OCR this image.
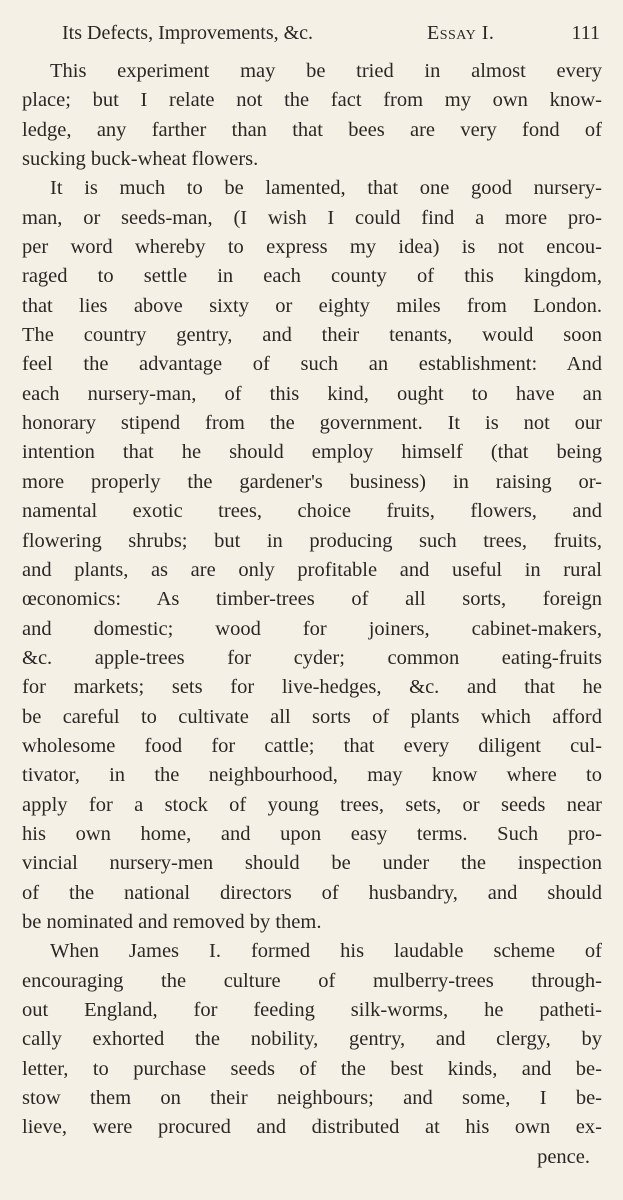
Its Defects, Improvements, &c.	Essay I.	111
This experiment may be tried in almost every
place; but I relate not the fact from my own know-
ledge, any farther than that bees are very fond of
sucking buck-wheat flowers.
It is much to be lamented, that one good nursery-
man, or seeds-man, (I wish I could find a more pro-
per word whereby to express my idea) is not encou-
raged to settle in each county of this kingdom,
that lies above sixty or eighty miles from London.
The country gentry, and their tenants, would soon
feel the advantage of such an establishment: And
each nursery-man, of this kind, ought to have an
honorary stipend from the government. It is not our
intention that he should employ himself (that being
more properly the gardener's business) in raising or-
namental exotic trees, choice fruits, flowers, and
flowering shrubs; but in producing such trees, fruits,
and plants, as are only profitable and useful in rural
œconomics: As timber-trees of all sorts, foreign
and domestic; wood for joiners, cabinet-makers,
&c. apple-trees for cyder; common eating-fruits
for markets; sets for live-hedges, &c. and that he
be careful to cultivate all sorts of plants which afford
wholesome food for cattle; that every diligent cul-
tivator, in the neighbourhood, may know where to
apply for a stock of young trees, sets, or seeds near
his own home, and upon easy terms. Such pro-
vincial nursery-men should be under the inspection
of the national directors of husbandry, and should
be nominated and removed by them.
When James I. formed his laudable scheme of
encouraging the culture of mulberry-trees through-
out England, for feeding silk-worms, he patheti-
cally exhorted the nobility, gentry, and clergy, by
letter, to purchase seeds of the best kinds, and be-
stow them on their neighbours; and some, I be-
lieve, were procured and distributed at his own ex-
pence.
